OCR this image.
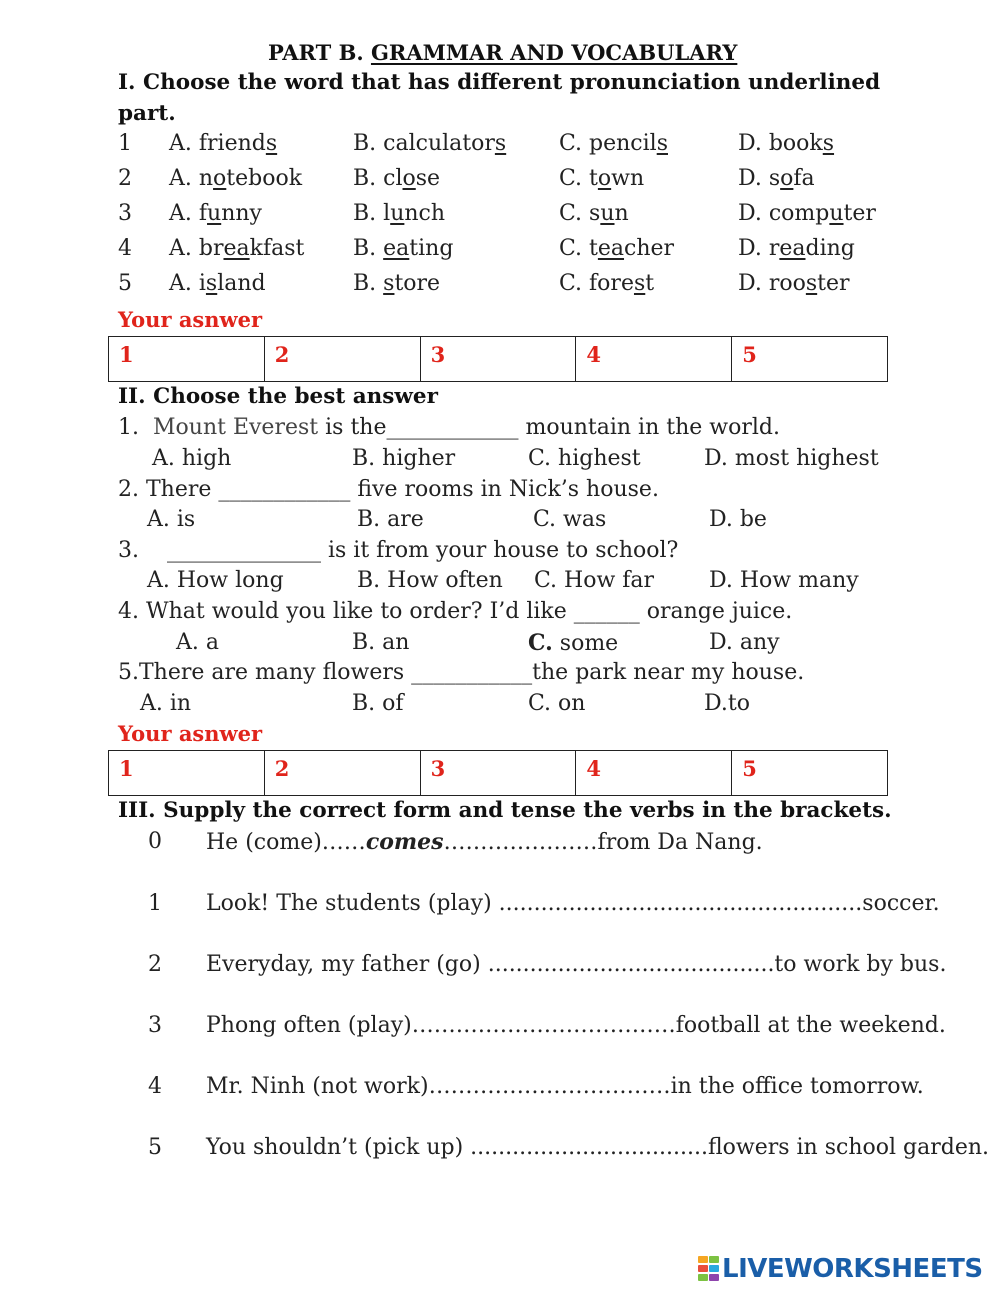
PART B. GRAMMAR AND VOCABULARY
I. Choose the word that has different pronunciation underlined
part.
1 A. friends	B. calculators C. pencils	D. books
2 A. notebook B. close	C. town	D. sofa
3 A. funny	B. lunch	C. sun	D. computer
4 A. breakfast B. eating	C. teacher	D. reading
5 A. island	B. store	C. forest	D. rooster
Your asnwer
1	2	3	4	5
II. Choose the best answer
1. Mount Everest is the____________ mountain in the world.
A. high	B. higher	C. highest	D. most highest
2. There ____________ five rooms in Nick’s house.
A. is	B. are	C. was	D. be
3. ______________ is it from your house to school?
A. How long	B. How often C. How far D. How many
4. What would you like to order? I’d like ______ orange juice.
A. a	B. an	C. some	D. any
5.There are many flowers ___________the park near my house.
A. in	B. of	C. on	D.to
Your asnwer
1	2	3	4	5
III. Supply the correct form and tense the verbs in the brackets.
0 He (come)……comes…………………from Da Nang.
1 Look! The students (play) ....................................................soccer.
2 Everyday, my father (go) .........................................to work by bus.
3 Phong often (play)………………………………football at the weekend.
4 Mr. Ninh (not work)……………………………in the office tomorrow.
5 You shouldn’t (pick up) ..................................flowers in school garden.
LIVEWORKSHEETS
